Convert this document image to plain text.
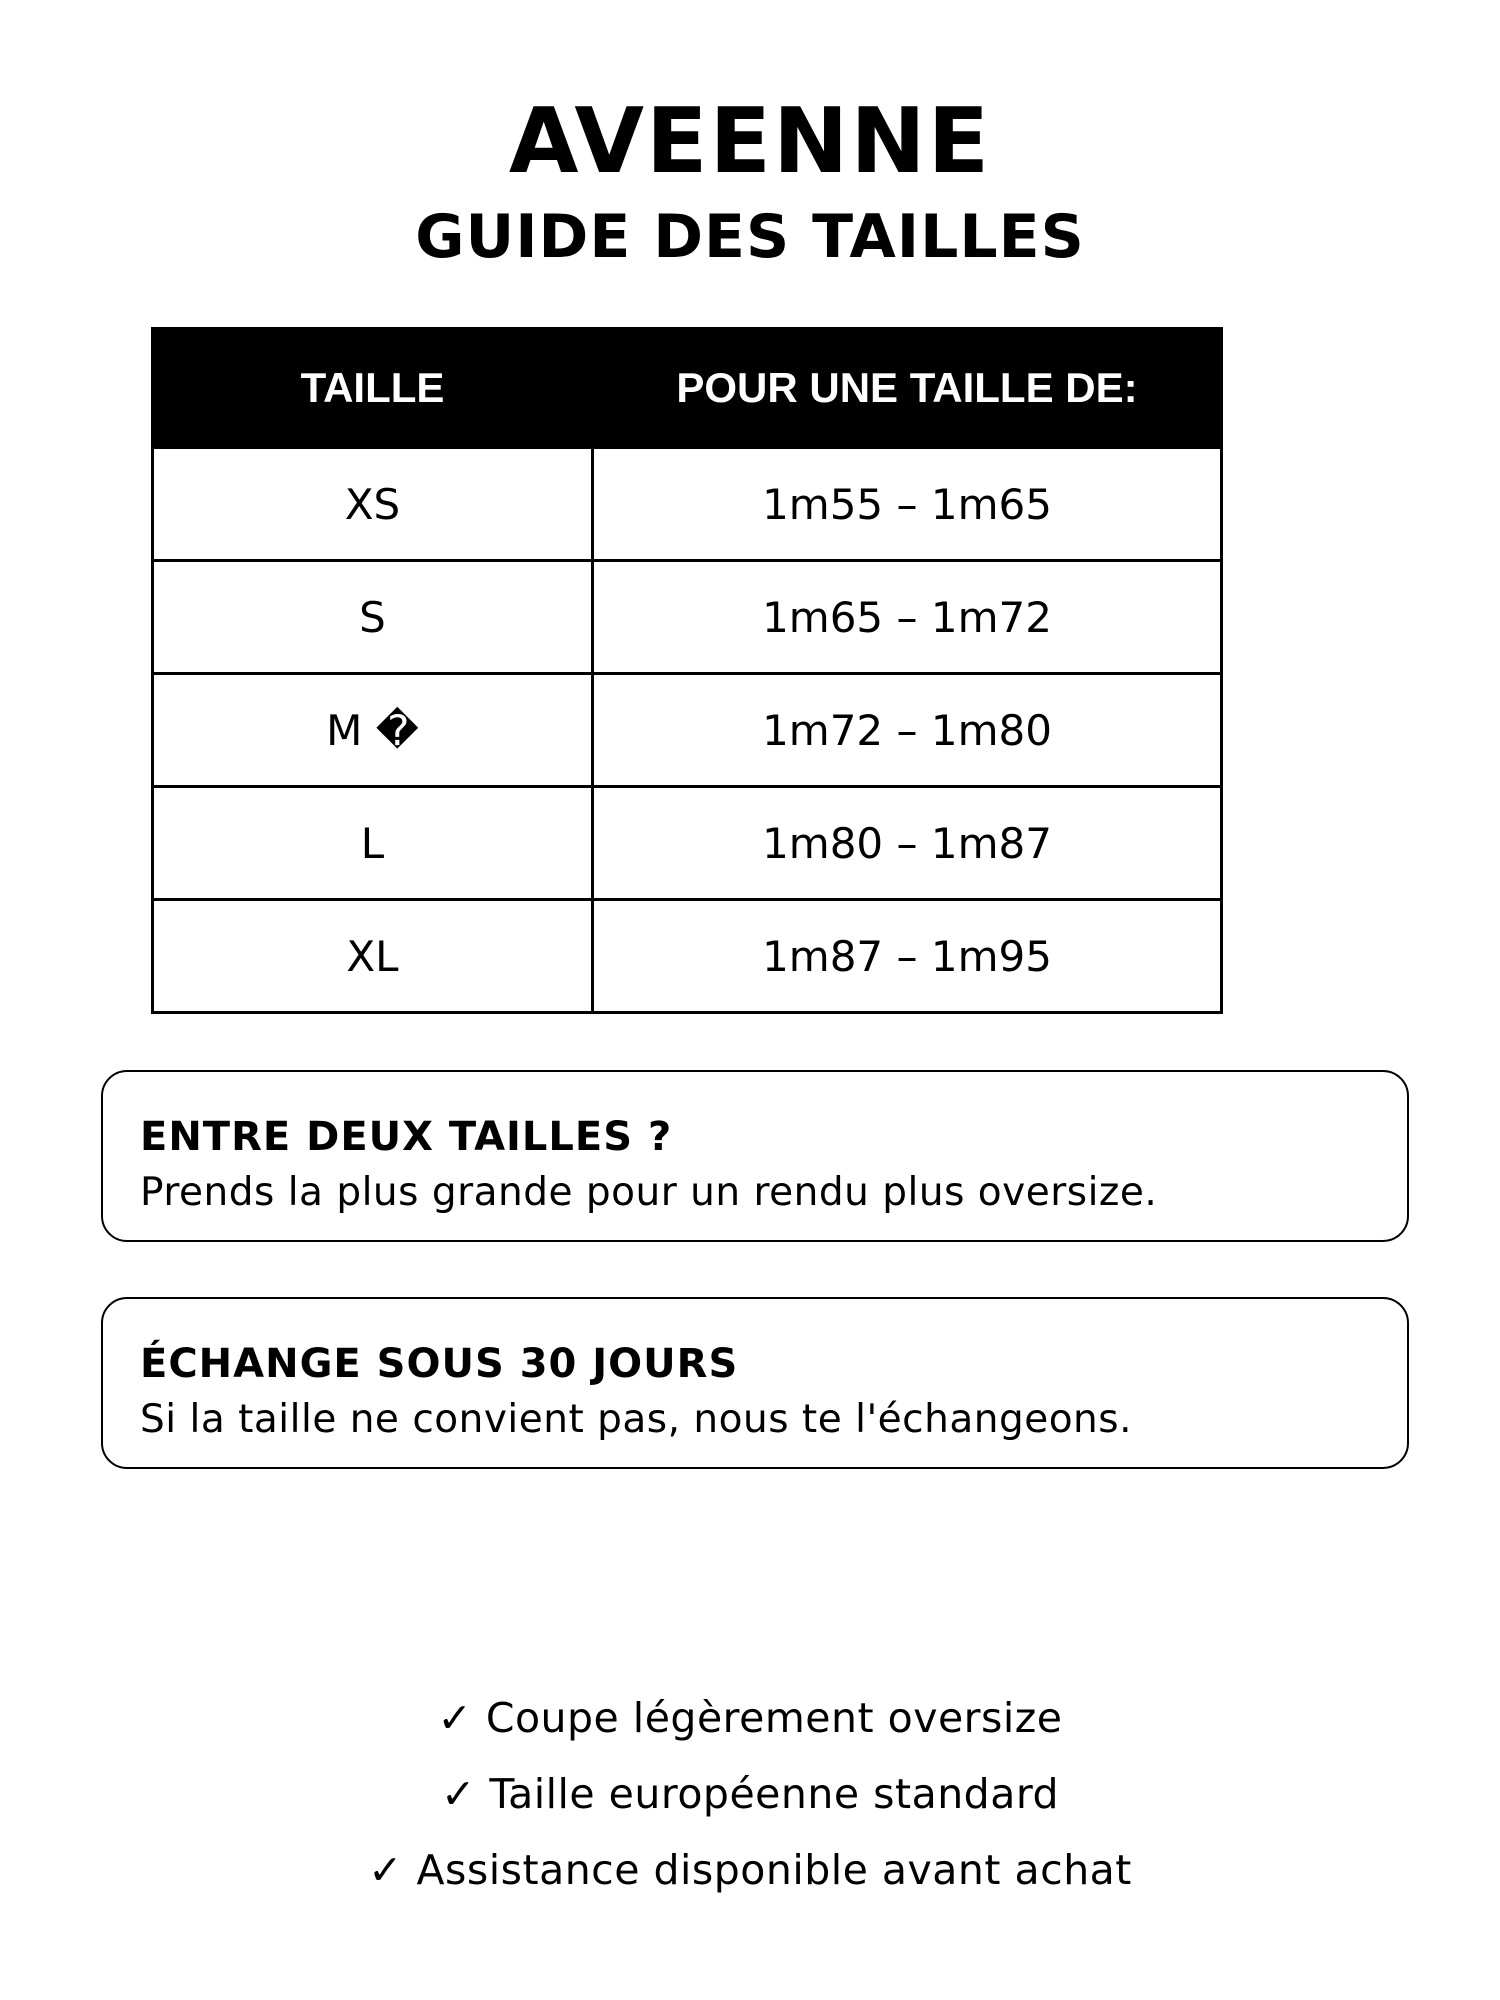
AVEENNE
GUIDE DES TAILLES
TAILLE	POUR UNE TAILLE DE:
XS	1m55 – 1m65
S	1m65 – 1m72
M �	1m72 – 1m80
L	1m80 – 1m87
XL	1m87 – 1m95
ENTRE DEUX TAILLES ?
Prends la plus grande pour un rendu plus oversize.
ÉCHANGE SOUS 30 JOURS
Si la taille ne convient pas, nous te l'échangeons.
✓ Coupe légèrement oversize
✓ Taille européenne standard
✓ Assistance disponible avant achat
